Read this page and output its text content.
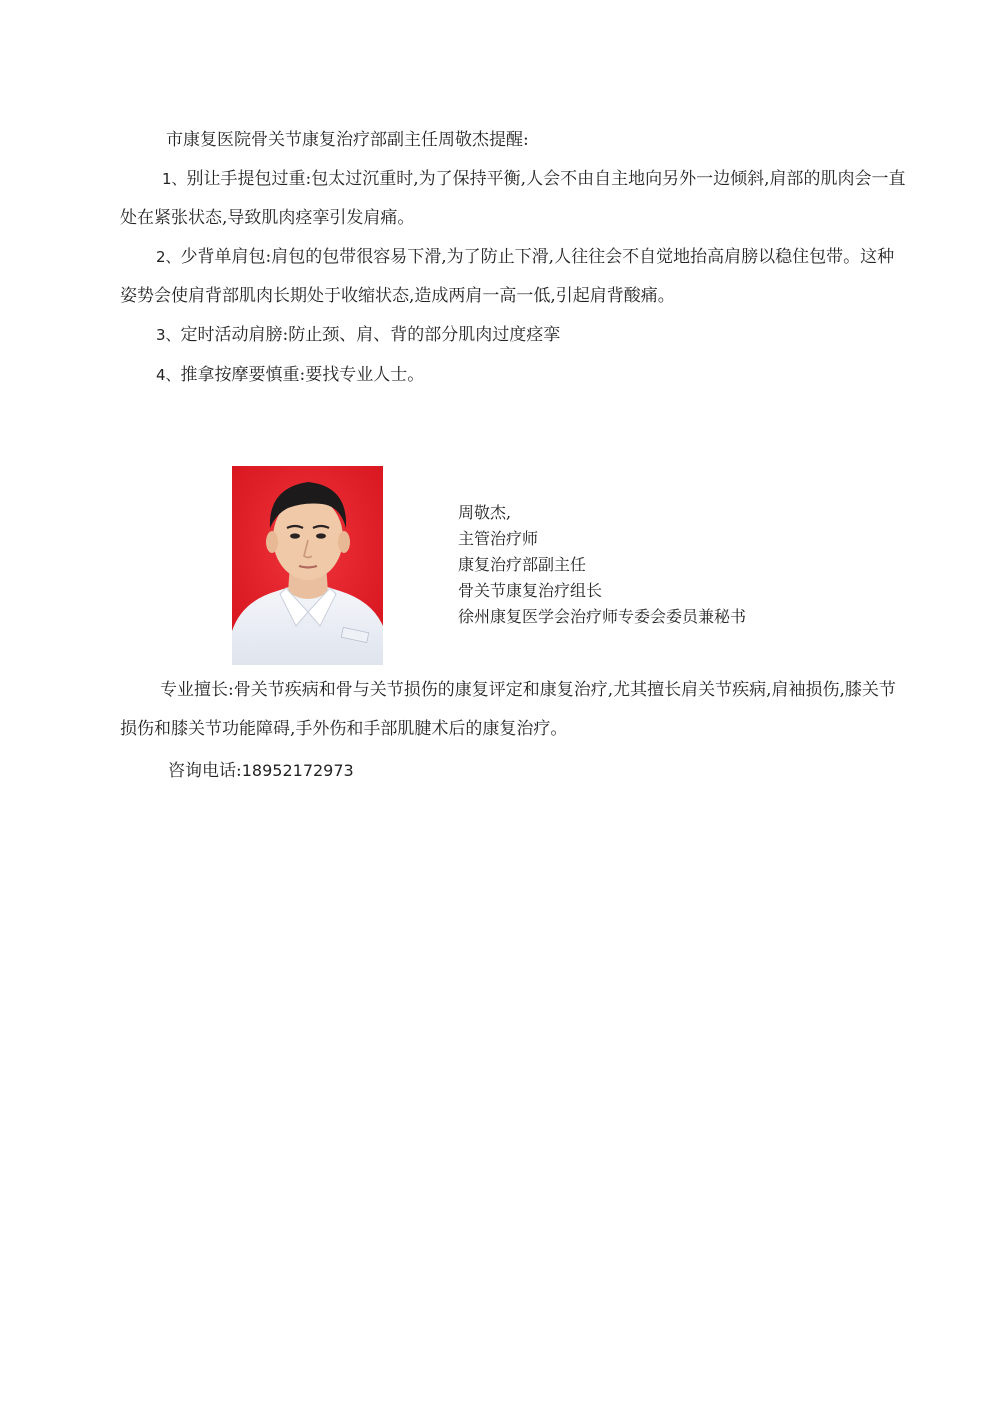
市康复医院骨关节康复治疗部副主任周敬杰提醒:

1、别让手提包过重:包太过沉重时,为了保持平衡,人会不由自主地向另外一边倾斜,肩部的肌肉会一直处在紧张状态,导致肌肉痉挛引发肩痛。

2、少背单肩包:肩包的包带很容易下滑,为了防止下滑,人往往会不自觉地抬高肩膀以稳住包带。这种姿势会使肩背部肌肉长期处于收缩状态,造成两肩一高一低,引起肩背酸痛。

3、定时活动肩膀:防止颈、肩、背的部分肌肉过度痉挛

4、推拿按摩要慎重:要找专业人士。

周敬杰,
主管治疗师
康复治疗部副主任
骨关节康复治疗组长
徐州康复医学会治疗师专委会委员兼秘书

专业擅长:骨关节疾病和骨与关节损伤的康复评定和康复治疗,尤其擅长肩关节疾病,肩袖损伤,膝关节损伤和膝关节功能障碍,手外伤和手部肌腱术后的康复治疗。

咨询电话:18952172973
